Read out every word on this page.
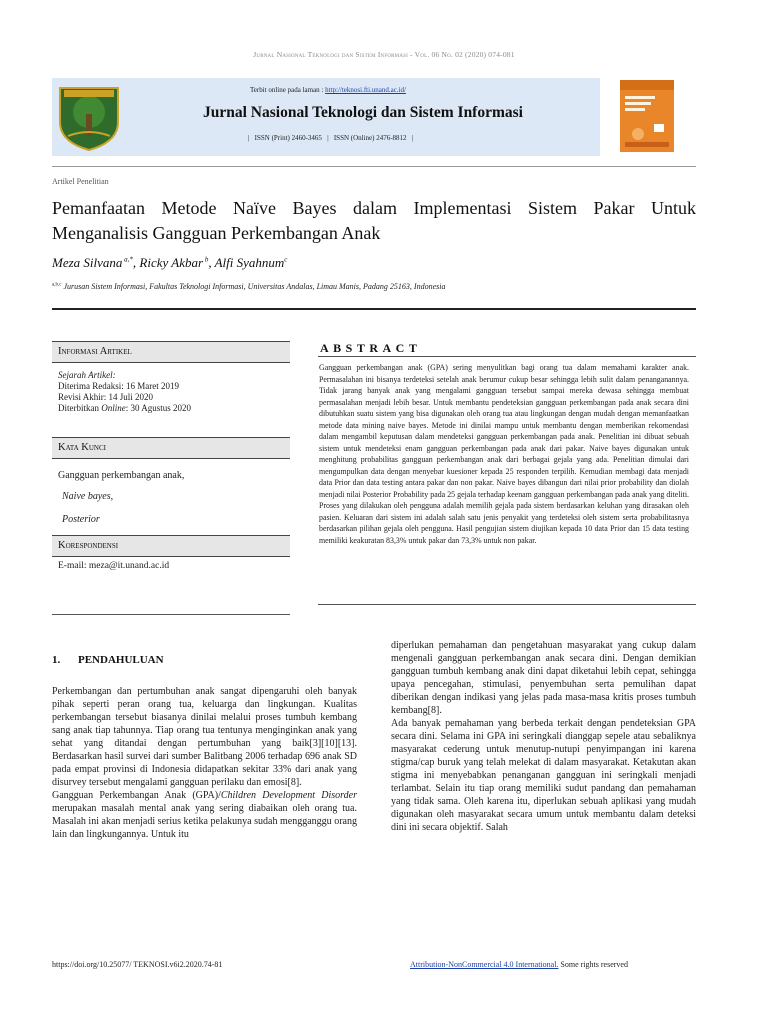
Jurnal Nasional Teknologi dan Sistem Informasi - Vol. 06 No. 02 (2020) 074-081
Terbit online pada laman : http://teknosi.fti.unand.ac.id/
Jurnal Nasional Teknologi dan Sistem Informasi
|   ISSN (Print) 2460-3465   |   ISSN (Online) 2476-8812   |
Artikel Penelitian
Pemanfaatan Metode Naïve Bayes dalam Implementasi Sistem Pakar Untuk Menganalisis Gangguan Perkembangan Anak
Meza Silvana $^{a,*}$, Ricky Akbar $^b$, Alfi Syahnum$^c$
$^{a,b,c}$ Jurusan Sistem Informasi, Fakultas Teknologi Informasi, Universitas Andalas, Limau Manis, Padang 25163, Indonesia
Informasi Artikel
Sejarah Artikel:
Diterima Redaksi: 16 Maret 2019
Revisi Akhir: 14 Juli 2020
Diterbitkan Online: 30 Agustus 2020
Kata Kunci
Gangguan perkembangan anak,
Naive bayes,
Posterior
Korespondensi
E-mail: meza@it.unand.ac.id
ABSTRACT
Gangguan perkembangan anak (GPA) sering menyulitkan bagi orang tua dalam memahami karakter anak. Permasalahan ini bisanya terdeteksi setelah anak berumur cukup besar sehingga lebih sulit dalam penanganannya. Tidak jarang banyak anak yang mengalami gangguan tersebut sampai mereka dewasa sehingga membuat permasalahan menjadi lebih besar. Untuk membantu pendeteksian gangguan perkembangan pada anak secara dini dibutuhkan suatu sistem yang bisa digunakan oleh orang tua atau lingkungan dengan mudah dengan memanfaatkan metode data mining naive bayes. Metode ini dinilai mampu untuk membantu dengan memberikan rekomendasi dalam mengambil keputusan dalam mendeteksi gangguan perkembangan pada anak. Penelitian ini dibuat sebuah sistem untuk mendeteksi enam gangguan perkembangan pada anak dari pakar. Naive bayes digunakan untuk menghitung probabilitas gangguan perkembangan anak dari berbagai gejala yang ada. Penelitian dimulai dari mengumpulkan data dengan menyebar kuesioner kepada 25 responden terpilih. Kemudian membagi data menjadi data Prior dan data testing antara pakar dan non pakar. Naive bayes dibangun dari nilai prior probability dan diolah menjadi nilai Posterior Probability pada 25 gejala terhadap keenam gangguan perkembangan pada anak yang diteliti. Proses yang dilakukan oleh pengguna adalah memilih gejala pada sistem berdasarkan keluhan yang dirasakan oleh pasien. Keluaran dari sistem ini adalah salah satu jenis penyakit yang terdeteksi oleh sistem serta probabilitasnya berdasarkan pilihan gejala oleh pengguna. Hasil pengujian sistem diujikan kepada 10 data Prior dan 15 data testing memiliki keakuratan 83,3% untuk pakar dan 73,3% untuk non pakar.
1. PENDAHULUAN

Perkembangan dan pertumbuhan anak sangat dipengaruhi oleh banyak pihak seperti peran orang tua, keluarga dan lingkungan. Kualitas perkembangan tersebut biasanya dinilai melalui proses tumbuh kembang sang anak tiap tahunnya. Tiap orang tua tentunya menginginkan anak yang sehat yang ditandai dengan pertumbuhan yang baik[3][10][13]. Berdasarkan hasil survei dari sumber Balitbang 2006 terhadap 696 anak SD pada empat provinsi di Indonesia didapatkan sekitar 33% dari anak yang disurvey tersebut mengalami gangguan perilaku dan emosi[8].

Gangguan Perkembangan Anak (GPA)/Children Development Disorder merupakan masalah mental anak yang sering diabaikan oleh orang tua. Masalah ini akan menjadi serius ketika pelakunya sudah mengganggu orang lain dan lingkungannya. Untuk itu

diperlukan pemahaman dan pengetahuan masyarakat yang cukup dalam mengenali gangguan perkembangan anak secara dini. Dengan demikian gangguan tumbuh kembang anak dini dapat diketahui lebih cepat, sehingga upaya pencegahan, stimulasi, penyembuhan serta pemulihan dapat diberikan dengan indikasi yang jelas pada masa-masa kritis proses tumbuh kembang[8].

Ada banyak pemahaman yang berbeda terkait dengan pendeteksian GPA secara dini. Selama ini GPA ini seringkali dianggap sepele atau sebaliknya masyarakat cederung untuk menutup-nutupi penyimpangan ini karena stigma/cap buruk yang telah melekat di dalam masyarakat. Ketakutan akan stigma ini menyebabkan penanganan gangguan ini seringkali menjadi terlambat. Selain itu tiap orang memiliki sudut pandang dan pemahaman yang tidak sama. Oleh karena itu, diperlukan sebuah aplikasi yang mudah digunakan oleh masyarakat secara umum untuk membantu dalam deteksi dini ini secara objektif. Salah

https://doi.org/10.25077/ TEKNOSI.v6i2.2020.74-81	Attribution-NonCommercial 4.0 International. Some rights reserved
